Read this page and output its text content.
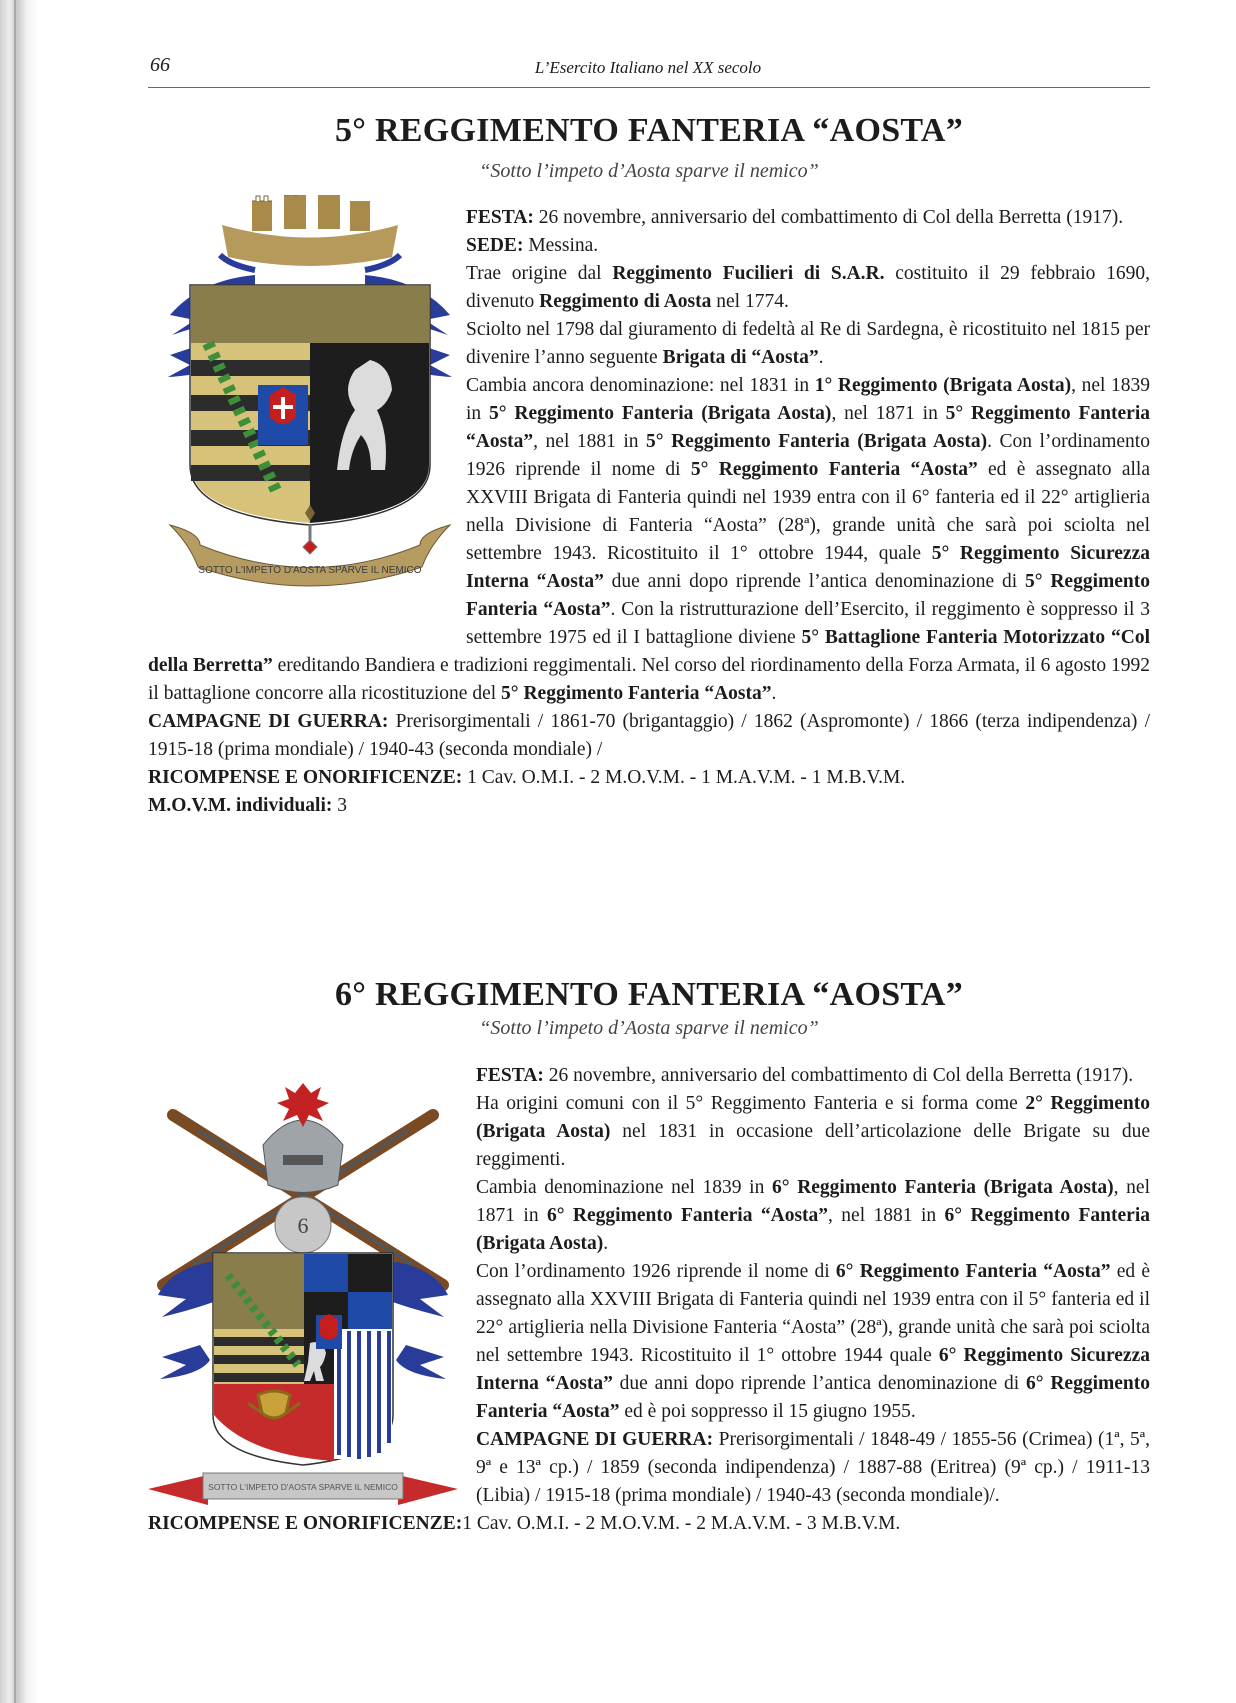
66	L’Esercito Italiano nel XX secolo
5° REGGIMENTO FANTERIA “AOSTA”
“Sotto l’impeto d’Aosta sparve il nemico”
SOTTO L'IMPETO D'AOSTA SPARVE IL NEMICO

FESTA: 26 novembre, anniversario del combattimento di Col della Berretta (1917).

SEDE: Messina.

Trae origine dal Reggimento Fucilieri di S.A.R. costituito il 29 febbraio 1690, divenuto Reggimento di Aosta nel 1774.

Sciolto nel 1798 dal giuramento di fedeltà al Re di Sardegna, è ricostituito nel 1815 per divenire l’anno seguente Brigata di “Aosta”.

Cambia ancora denominazione: nel 1831 in 1° Reggimento (Brigata Aosta), nel 1839 in 5° Reggimento Fanteria (Brigata Aosta), nel 1871 in 5° Reggimento Fanteria “Aosta”, nel 1881 in 5° Reggimento Fanteria (Brigata Aosta). Con l’ordinamento 1926 riprende il nome di 5° Reggimento Fanteria “Aosta” ed è assegnato alla XXVIII Brigata di Fanteria quindi nel 1939 entra con il 6° fanteria ed il 22° artiglieria nella Divisione di Fanteria “Aosta” (28ª), grande unità che sarà poi sciolta nel settembre 1943. Ricostituito il 1° ottobre 1944, quale 5° Reggimento Sicurezza Interna “Aosta” due anni dopo riprende l’antica denominazione di 5° Reggimento Fanteria “Aosta”. Con la ristrutturazione dell’Esercito, il reggimento è soppresso il 3 settembre 1975 ed il I battaglione diviene 5° Battaglione Fanteria Motorizzato “Col della Berretta” ereditando Bandiera e tradizioni reggimentali. Nel corso del riordinamento della Forza Armata, il 6 agosto 1992 il battaglione concorre alla ricostituzione del 5° Reggimento Fanteria “Aosta”.

CAMPAGNE DI GUERRA: Prerisorgimentali / 1861-70 (brigantaggio) / 1862 (Aspromonte) / 1866 (terza indipendenza) / 1915-18 (prima mondiale) / 1940-43 (seconda mondiale) /

RICOMPENSE E ONORIFICENZE: 1 Cav. O.M.I. - 2 M.O.V.M. - 1 M.A.V.M. - 1 M.B.V.M.

M.O.V.M. individuali: 3

6° REGGIMENTO FANTERIA “AOSTA”
“Sotto l’impeto d’Aosta sparve il nemico”
6
SOTTO L'IMPETO D'AOSTA SPARVE IL NEMICO

FESTA: 26 novembre, anniversario del combattimento di Col della Berretta (1917).

Ha origini comuni con il 5° Reggimento Fanteria e si forma come 2° Reggimento (Brigata Aosta) nel 1831 in occasione dell’articolazione delle Brigate su due reggimenti.

Cambia denominazione nel 1839 in 6° Reggimento Fanteria (Brigata Aosta), nel 1871 in 6° Reggimento Fanteria “Aosta”, nel 1881 in 6° Reggimento Fanteria (Brigata Aosta).

Con l’ordinamento 1926 riprende il nome di 6° Reggimento Fanteria “Aosta” ed è assegnato alla XXVIII Brigata di Fanteria quindi nel 1939 entra con il 5° fanteria ed il 22° artiglieria nella Divisione Fanteria “Aosta” (28ª), grande unità che sarà poi sciolta nel settembre 1943. Ricostituito il 1° ottobre 1944 quale 6° Reggimento Sicurezza Interna “Aosta” due anni dopo riprende l’antica denominazione di 6° Reggimento Fanteria “Aosta” ed è poi soppresso il 15 giugno 1955.

CAMPAGNE DI GUERRA: Prerisorgimentali / 1848-49 / 1855-56 (Crimea) (1ª, 5ª, 9ª e 13ª cp.) / 1859 (seconda indipendenza) / 1887-88 (Eritrea) (9ª cp.) / 1911-13 (Libia) / 1915-18 (prima mondiale) / 1940-43 (seconda mondiale)/.

RICOMPENSE E ONORIFICENZE:1 Cav. O.M.I. - 2 M.O.V.M. - 2 M.A.V.M. - 3 M.B.V.M.
